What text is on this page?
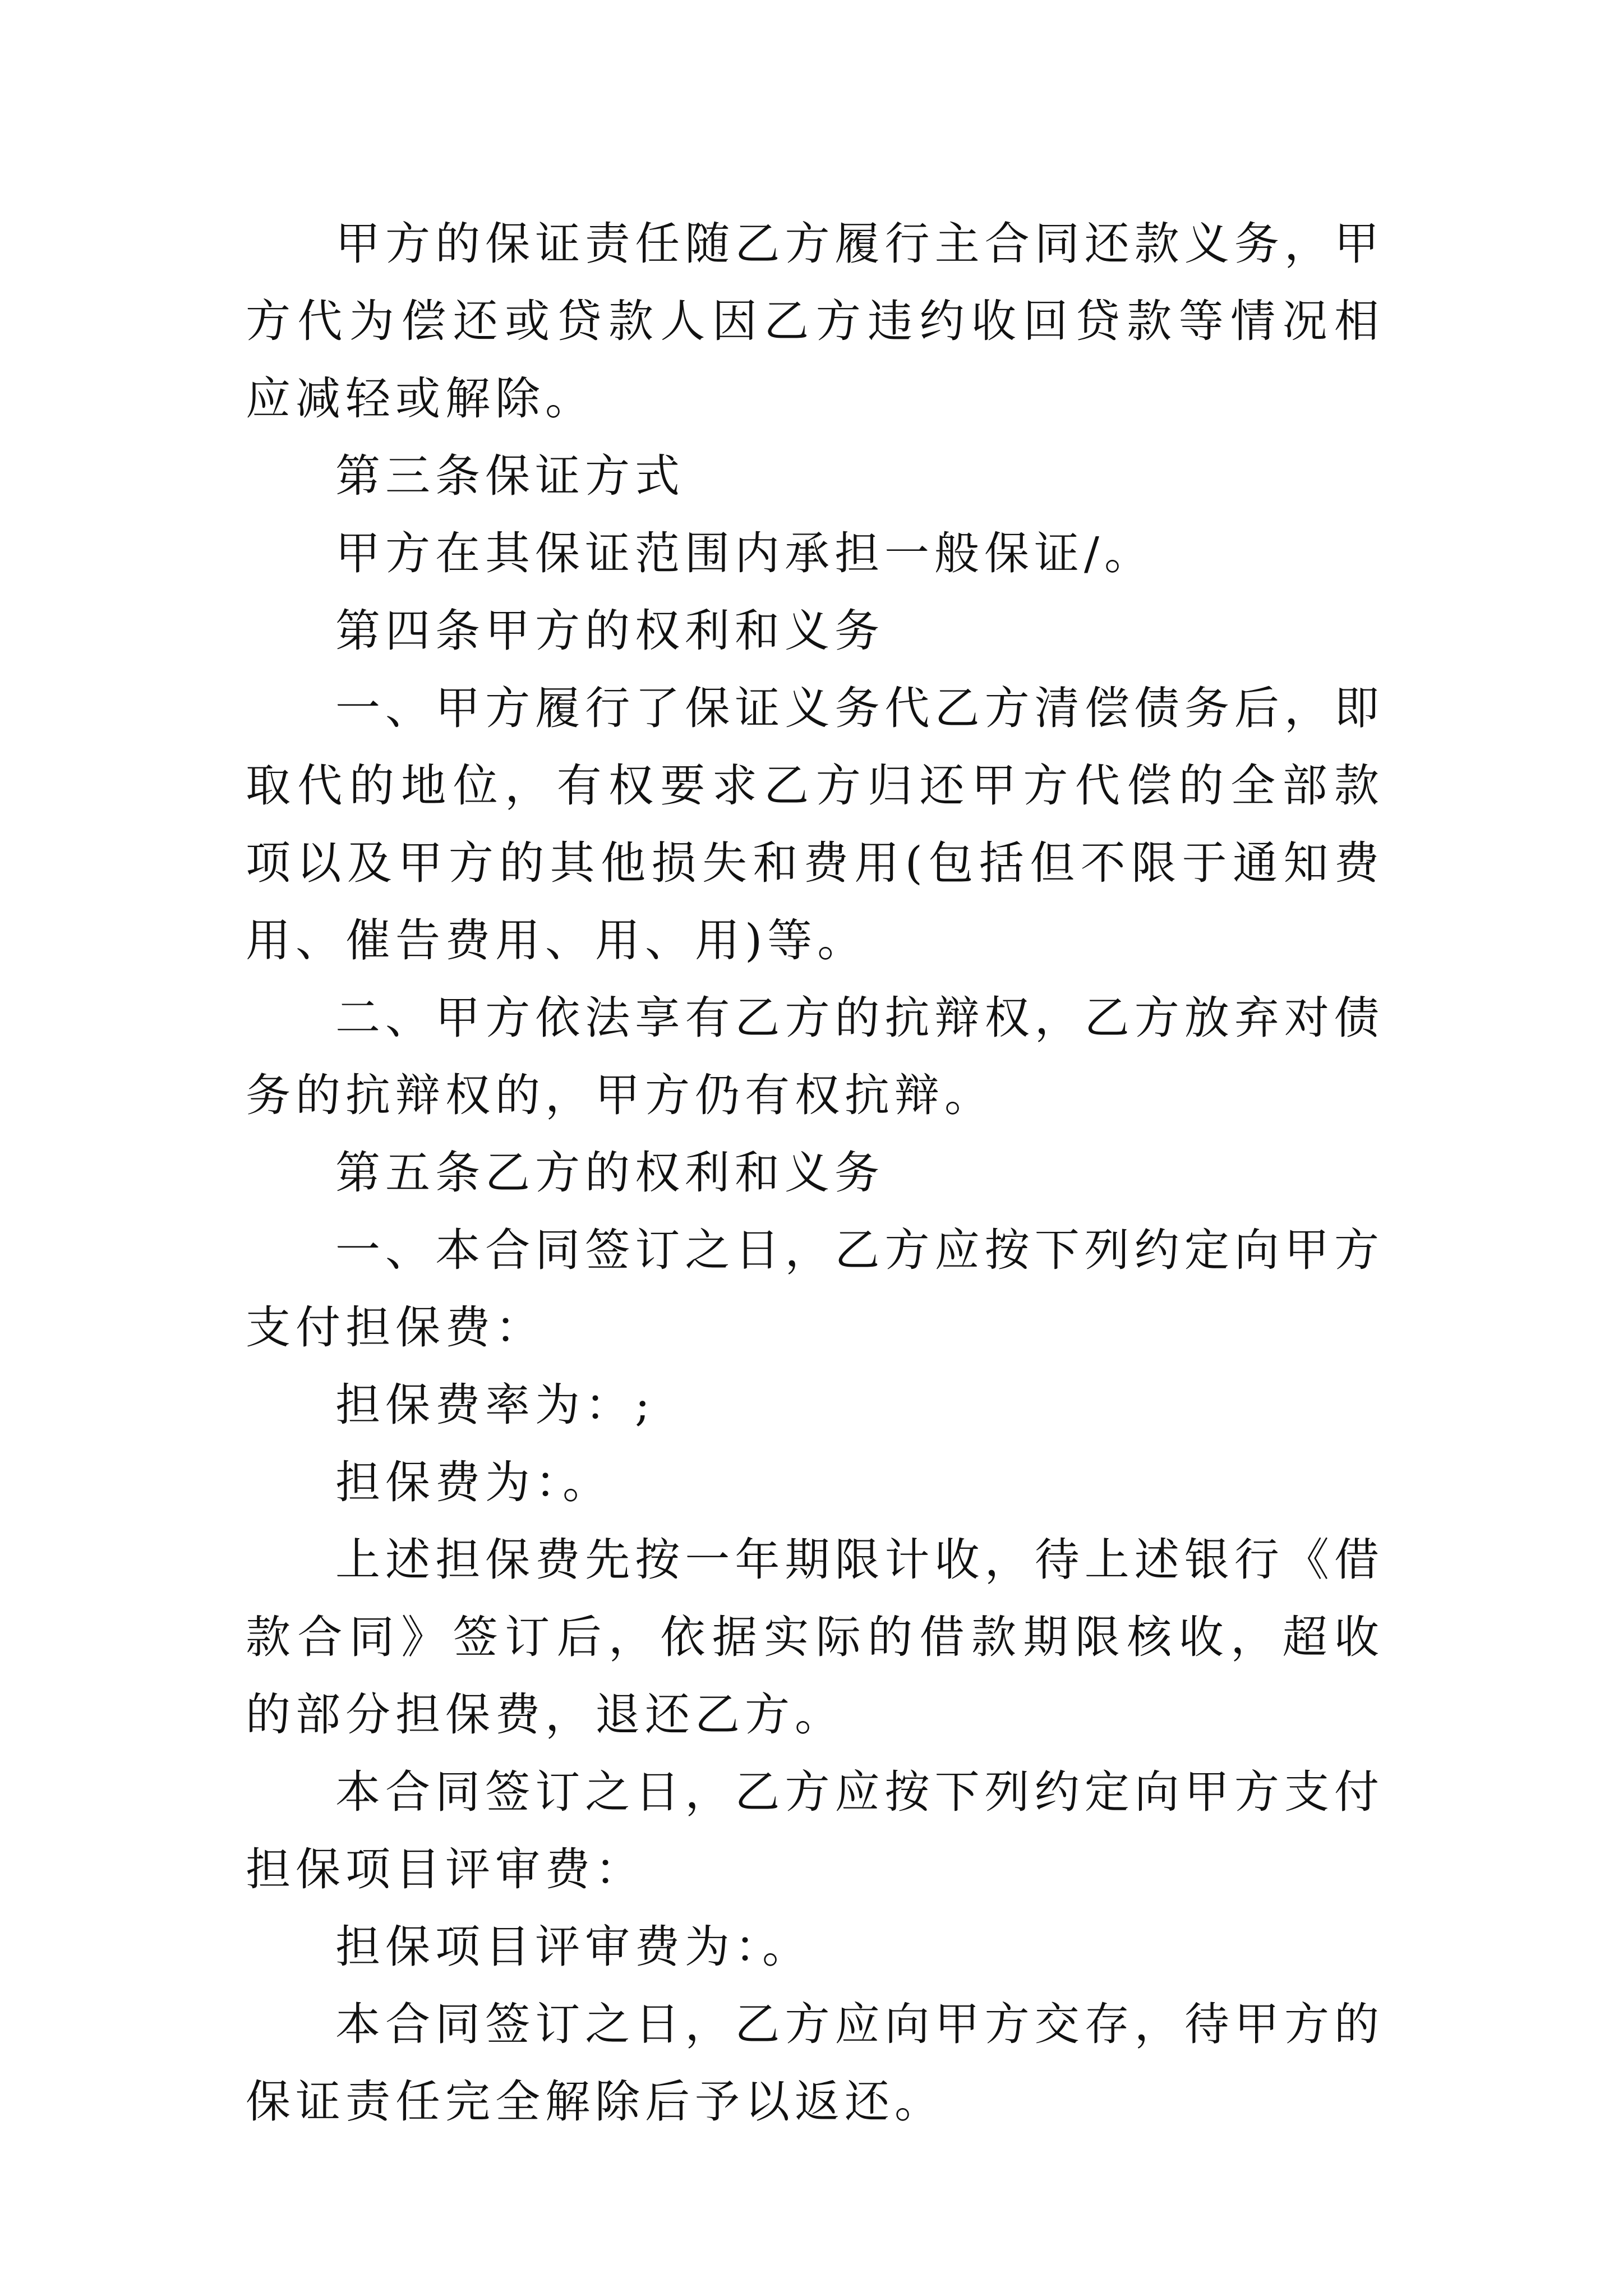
甲方的保证责任随乙方履行主合同还款义务，甲方代为偿还或贷款人因乙方违约收回贷款等情况相应减轻或解除。

第三条保证方式

甲方在其保证范围内承担一般保证/。

第四条甲方的权利和义务

一、甲方履行了保证义务代乙方清偿债务后，即取代的地位，有权要求乙方归还甲方代偿的全部款项以及甲方的其他损失和费用(包括但不限于通知费用、催告费用、用、用)等。

二、甲方依法享有乙方的抗辩权，乙方放弃对债务的抗辩权的，甲方仍有权抗辩。

第五条乙方的权利和义务

一、本合同签订之日，乙方应按下列约定向甲方支付担保费：

担保费率为：;

担保费为：。

上述担保费先按一年期限计收，待上述银行《借款合同》签订后，依据实际的借款期限核收，超收的部分担保费，退还乙方。

本合同签订之日，乙方应按下列约定向甲方支付担保项目评审费：

担保项目评审费为：。

本合同签订之日，乙方应向甲方交存，待甲方的保证责任完全解除后予以返还。
